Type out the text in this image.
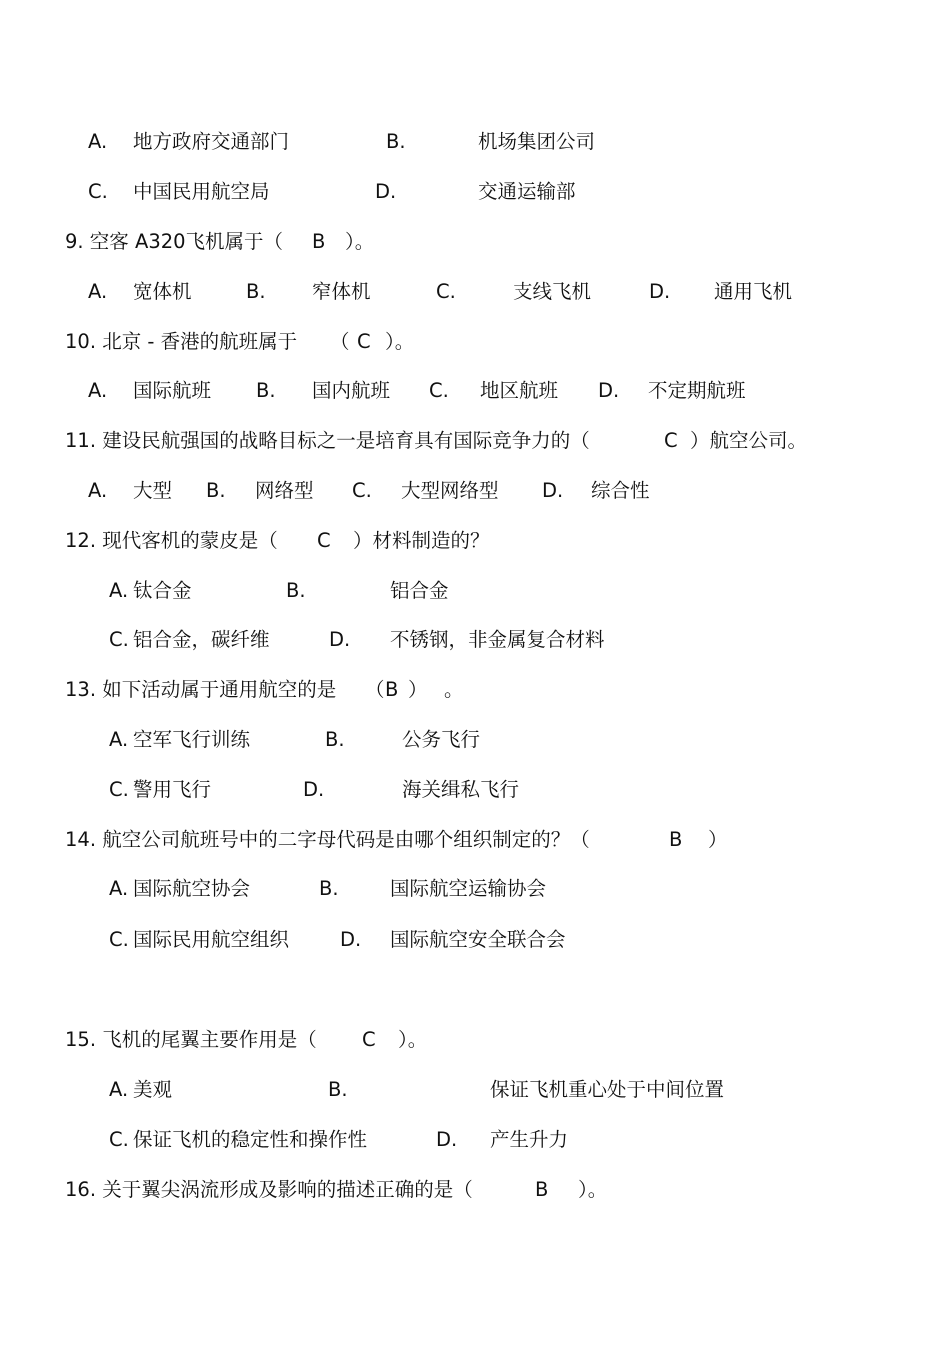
A. 地方政府交通部门	B.	机场集团公司
C. 中国民用航空局	D.	交通运输部
9. 空客 A320飞机属于（ B ）。
A. 宽体机	B. 窄体机	C.	支线飞机	D. 通用飞机
10. 北京 - 香港的航班属于 （ C ）。
A. 国际航班 B. 国内航班 C. 地区航班 D. 不定期航班
11. 建设民航强国的战略目标之一是培育具有国际竞争力的（	C ）航空公司。
A. 大型 B. 网络型 C. 大型网络型 D. 综合性
12. 现代客机的蒙皮是（ C ）材料制造的？
A. 钛合金	B.	铝合金
C. 铝合金，碳纤维	D. 不锈钢，非金属复合材料
13. 如下活动属于通用航空的是 （ B ） 。
A. 空军飞行训练	B.	公务飞行
C. 警用飞行	D.	海关缉私飞行
14. 航空公司航班号中的二字母代码是由哪个组织制定的？（	B ）
A. 国际航空协会	B.	国际航空运输协会
C. 国际民用航空组织	D. 国际航空安全联合会
15. 飞机的尾翼主要作用是（ C ）。
A. 美观	B.	保证飞机重心处于中间位置
C. 保证飞机的稳定性和操作性	D. 产生升力
16. 关于翼尖涡流形成及影响的描述正确的是（	B ）。
